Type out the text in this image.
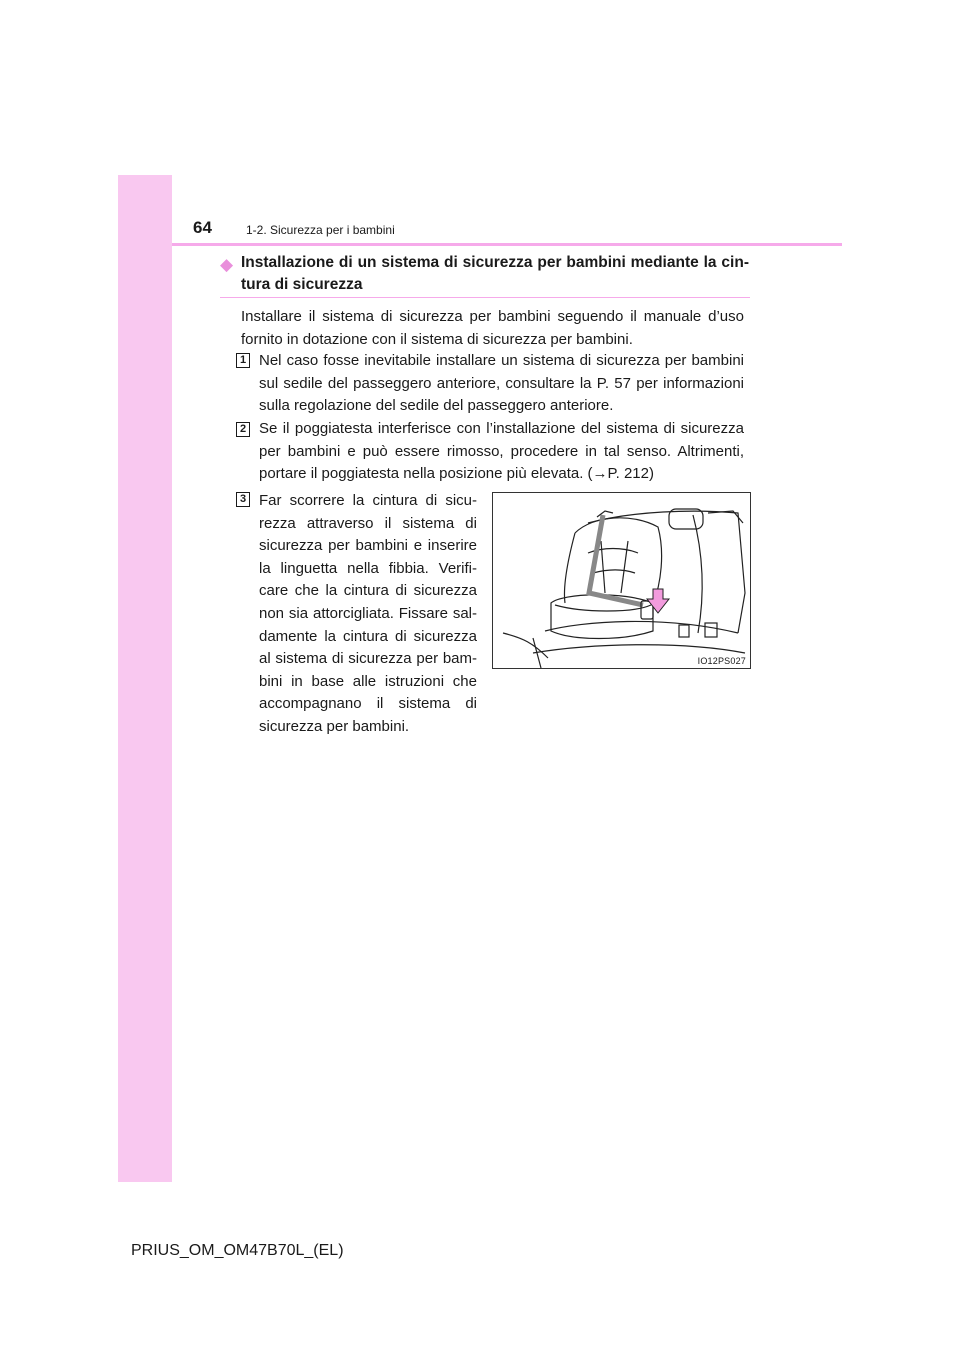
64	1-2. Sicurezza per i bambini
◆ Installazione di un sistema di sicurezza per bambini mediante la cin-tura di sicurezza
Installare il sistema di sicurezza per bambini seguendo il manuale d’uso fornito in dotazione con il sistema di sicurezza per bambini.
1 Nel caso fosse inevitabile installare un sistema di sicurezza per bambini sul sedile del passeggero anteriore, consultare la P. 57 per informazioni sulla regolazione del sedile del passeggero anteriore.
2 Se il poggiatesta interferisce con l’installazione del sistema di sicurezza per bambini e può essere rimosso, procedere in tal senso. Altrimenti, portare il poggiatesta nella posizione più elevata. (→P. 212)
3 Far scorrere la cintura di sicu-rezza attraverso il sistema di sicurezza per bambini e inserire la linguetta nella fibbia. Verifi-care che la cintura di sicurezza non sia attorcigliata. Fissare sal-damente la cintura di sicurezza al sistema di sicurezza per bam-bini in base alle istruzioni che accompagnano il sistema di sicurezza per bambini.
IO12PS027
PRIUS_OM_OM47B70L_(EL)
